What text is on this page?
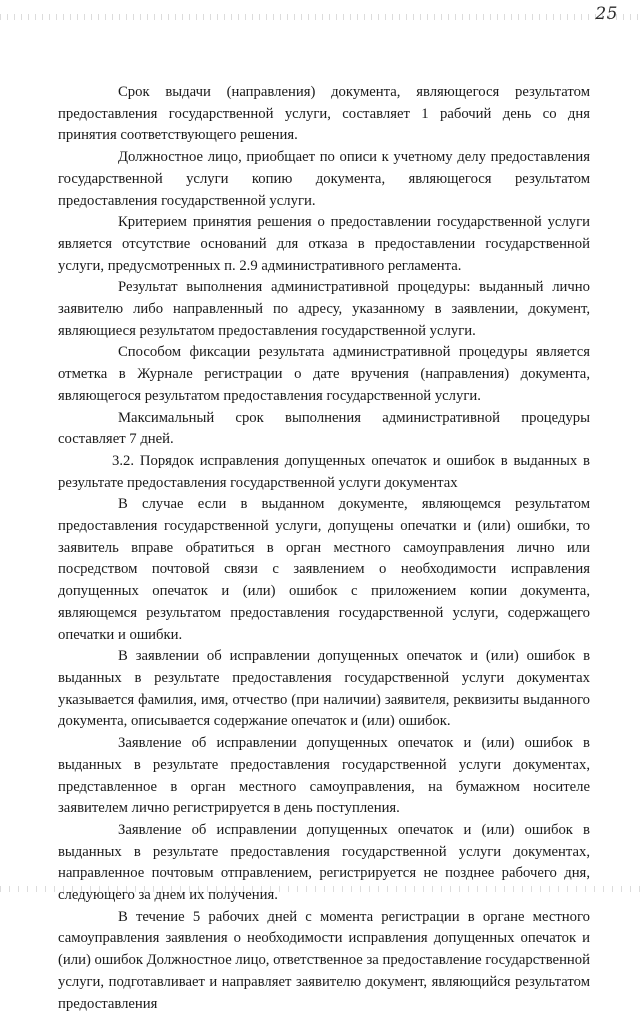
25

Срок выдачи (направления) документа, являющегося результатом предоставления государственной услуги, составляет 1 рабочий день со дня принятия соответствующего решения.

Должностное лицо, приобщает по описи к учетному делу предоставления государственной услуги копию документа, являющегося результатом предоставления государственной услуги.

Критерием принятия решения о предоставлении государственной услуги является отсутствие оснований для отказа в предоставлении государственной услуги, предусмотренных п. 2.9 административного регламента.

Результат выполнения административной процедуры: выданный лично заявителю либо направленный по адресу, указанному в заявлении, документ, являющиеся результатом предоставления государственной услуги.

Способом фиксации результата административной процедуры является отметка в Журнале регистрации о дате вручения (направления) документа, являющегося результатом предоставления государственной услуги.

Максимальный срок выполнения административной процедуры составляет 7 дней.

3.2. Порядок исправления допущенных опечаток и ошибок в выданных в результате предоставления государственной услуги документах

В случае если в выданном документе, являющемся результатом предоставления государственной услуги, допущены опечатки и (или) ошибки, то заявитель вправе обратиться в орган местного самоуправления лично или посредством почтовой связи с заявлением о необходимости исправления допущенных опечаток и (или) ошибок с приложением копии документа, являющемся результатом предоставления государственной услуги, содержащего опечатки и ошибки.

В заявлении об исправлении допущенных опечаток и (или) ошибок в выданных в результате предоставления государственной услуги документах указывается фамилия, имя, отчество (при наличии) заявителя, реквизиты выданного документа, описывается содержание опечаток и (или) ошибок.

Заявление об исправлении допущенных опечаток и (или) ошибок в выданных в результате предоставления государственной услуги документах, представленное в орган местного самоуправления, на бумажном носителе заявителем лично регистрируется в день поступления.

Заявление об исправлении допущенных опечаток и (или) ошибок в выданных в результате предоставления государственной услуги документах, направленное почтовым отправлением, регистрируется не позднее рабочего дня, следующего за днем их получения.

В течение 5 рабочих дней с момента регистрации в органе местного самоуправления заявления о необходимости исправления допущенных опечаток и (или) ошибок Должностное лицо, ответственное за предоставление государственной услуги, подготавливает и направляет заявителю документ, являющийся результатом предоставления
